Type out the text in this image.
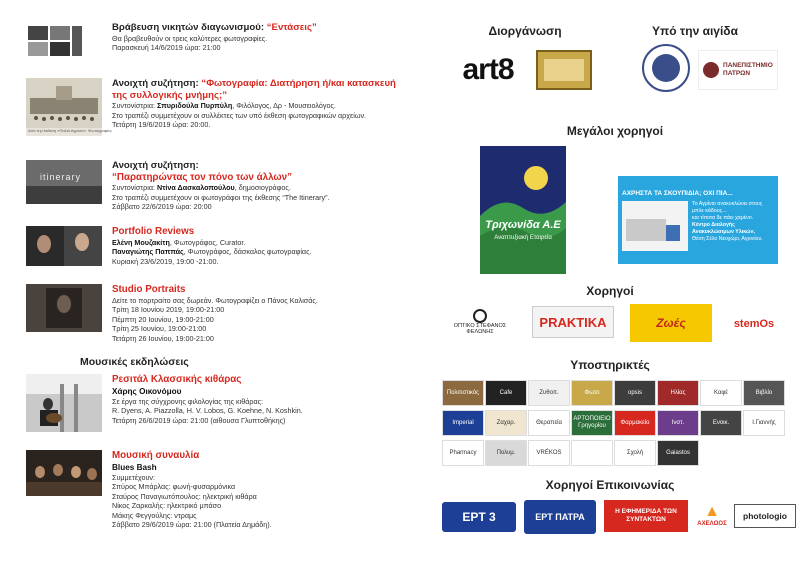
Βράβευση νικητών διαγωνισμού: “Εντάσεις”
Θα βραβευθούν οι τρεις καλύτερες φωτογραφίες.
Παρασκευή 14/6/2019 ώρα: 21:00
Από την έκθεση «Παλιά Αγρίνιο». Φωτογραφίες
Ανοιχτή συζήτηση: “Φωτογραφία: Διατήρηση ή/και κατασκευή της συλλογικής μνήμης;”
Συντονίστρια: Σπυριδούλα Πυρπύλη, Φιλόλογος, Δρ - Μουσειολόγος.
Στο τραπέζι συμμετέχουν οι συλλέκτες των υπό έκθεση φωτογραφικών αρχείων.
Τετάρτη 19/6/2019 ώρα: 20:00.
itinerary
Ανοιχτή συζήτηση:
“Παρατηρώντας τον πόνο των άλλων”
Συντονίστρια: Ντίνα Δασκαλοπούλου, δημοσιογράφος.
Στο τραπέζι συμμετέχουν οι φωτογράφοι της έκθεσης “The Itinerary”.
Σάββατο 22/6/2019 ώρα: 20:00
Portfolio Reviews
Ελένη Μουζακίτη, Φωτογράφος, Curator.
Παναγιώτης Παππάς, Φωτογράφος, δάσκαλος φωτογραφίας.
Κυριακή 23/6/2019, 19:00 -21:00.
Studio Portraits
Δείτε το πορτραίτο σας δωρεάν. Φωτογραφίζει ο Πάνος Καλισάς.
Τρίτη 18 Ιουνίου 2019, 19:00-21:00
Πέμπτη 20 Ιουνίου, 19:00-21:00
Τρίτη 25 Ιουνίου, 19:00-21:00
Τετάρτη 26 Ιουνίου, 19:00-21:00
Μουσικές εκδηλώσεις
Ρεσιτάλ Κλασσικής κιθάρας
Χάρης Οικονόμου
Σε έργα της σύγχρονης φιλολογίας της κιθάρας:
R. Dyens, A. Piazzolla, H. V. Lobos, G. Koehne, N. Koshkin.
Τετάρτη 26/6/2019 ώρα: 21:00 (αίθουσα Γλυπτοθήκης)
Μουσική συναυλία
Blues Bash
Συμμετέχουν:
Σπύρος Μπάρλας: φωνή-φυσαρμόνικα
Σταύρος Παναγιωτόπουλος: ηλεκτρική κιθάρα
Νίκος Ζαρκαλής: ηλεκτρικό μπάσο
Μάκης Φεγγούλης: ντραμς
Σάββατο 29/6/2019 ώρα: 21:00 (Πλατεία Δημάδη).
Διοργάνωση	Υπό την αιγίδα
art8	ΠΑΝΕΠΙΣΤΗΜΙΟ ΠΑΤΡΩΝ
Μεγάλοι χορηγοί
Τριχωνίδα Α.Ε
Αναπτυξιακή Εταιρεία
ΑΧΡΗΣΤΑ ΤΑ ΣΚΟΥΠΙΔΙΑ; ΟΧΙ ΠΙΑ...
Το Αγρίνιο ανακυκλώνει στους μπλε κάδους...
και τίποτα δε πάει χαμένο.
Κέντρο Διαλογής Ανακυκλώσιμων Υλικών,
Θέση Σέλο Νεοχώρι, Αγρινίου.
Χορηγοί
ΟΠΤΙΚΟ ΣΤΕΦΑΝΟΣ ΦΕΛΩΝΗΣ
PRAKTIKA	Ζωές	stemOs
Υποστηρικτές
Πολιτιστικός	Cafe	Ζυθοπ.	Φωτο	opsis	Ηλίας	Καφέ	Βιβλίο
Imperial	Ζαχαρ.	Θεραπεία
ΑΡΤΟΠΟΙΕΙΟ Γρηγορίου
Φαρμακείο	Ινστ.	Ενοικ.	Ι.Γιαννής
Pharmacy	Πολυμ.	VRÉKOS	Σχολή	Gaiastos
Χορηγοί Επικοινωνίας
ΕΡΤ 3	ΕΡΤ ΠΑΤΡΑ
Η ΕΦΗΜΕΡΙΔΑ ΤΩΝ ΣΥΝΤΑΚΤΩΝ	▲
ΑΧΕΛΩΟΣ
photologio
